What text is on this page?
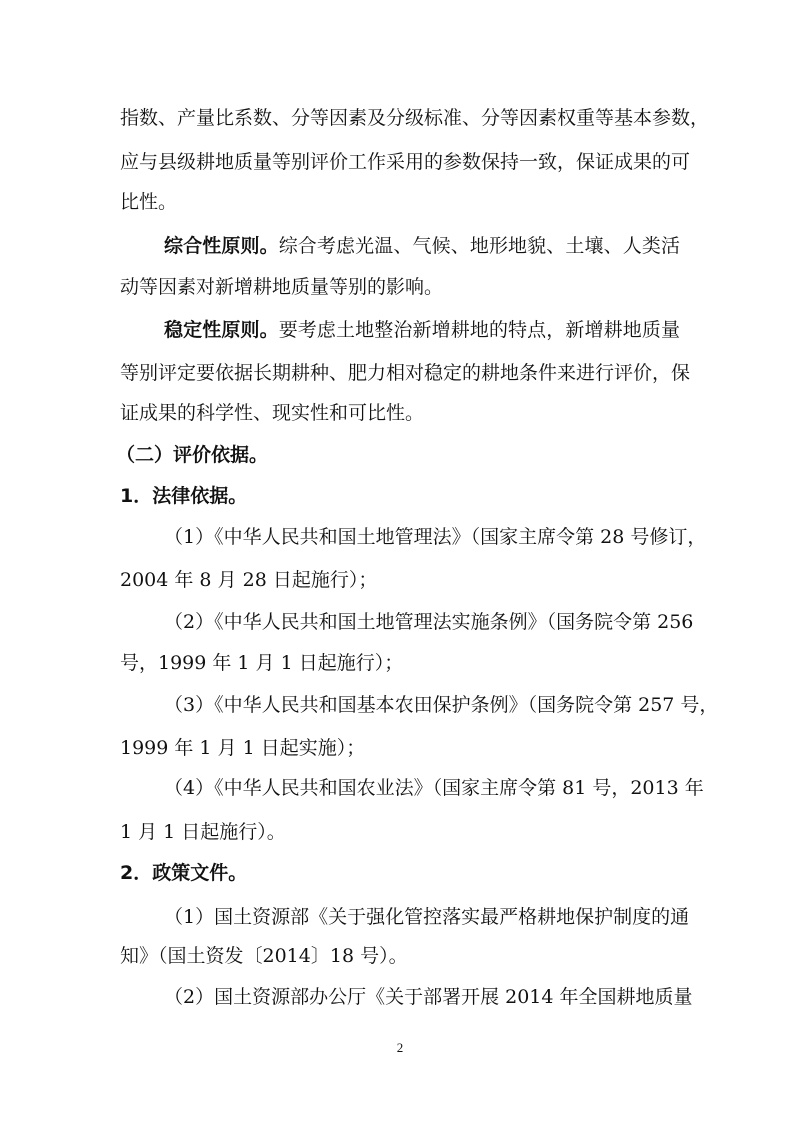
指数、产量比系数、分等因素及分级标准、分等因素权重等基本参数，
应与县级耕地质量等别评价工作采用的参数保持一致，保证成果的可
比性。
综合性原则。综合考虑光温、气候、地形地貌、土壤、人类活
动等因素对新增耕地质量等别的影响。
稳定性原则。要考虑土地整治新增耕地的特点，新增耕地质量
等别评定要依据长期耕种、肥力相对稳定的耕地条件来进行评价，保
证成果的科学性、现实性和可比性。
（二）评价依据。
1．法律依据。
（1）《中华人民共和国土地管理法》（国家主席令第 28 号修订，
2004 年 8 月 28 日起施行）；
（2）《中华人民共和国土地管理法实施条例》（国务院令第 256
号，1999 年 1 月 1 日起施行）；
（3）《中华人民共和国基本农田保护条例》（国务院令第 257 号，
1999 年 1 月 1 日起实施）；
（4）《中华人民共和国农业法》（国家主席令第 81 号，2013 年
1 月 1 日起施行）。
2．政策文件。
（1）国土资源部《关于强化管控落实最严格耕地保护制度的通
知》（国土资发〔2014〕18 号）。
（2）国土资源部办公厅《关于部署开展 2014 年全国耕地质量
2
